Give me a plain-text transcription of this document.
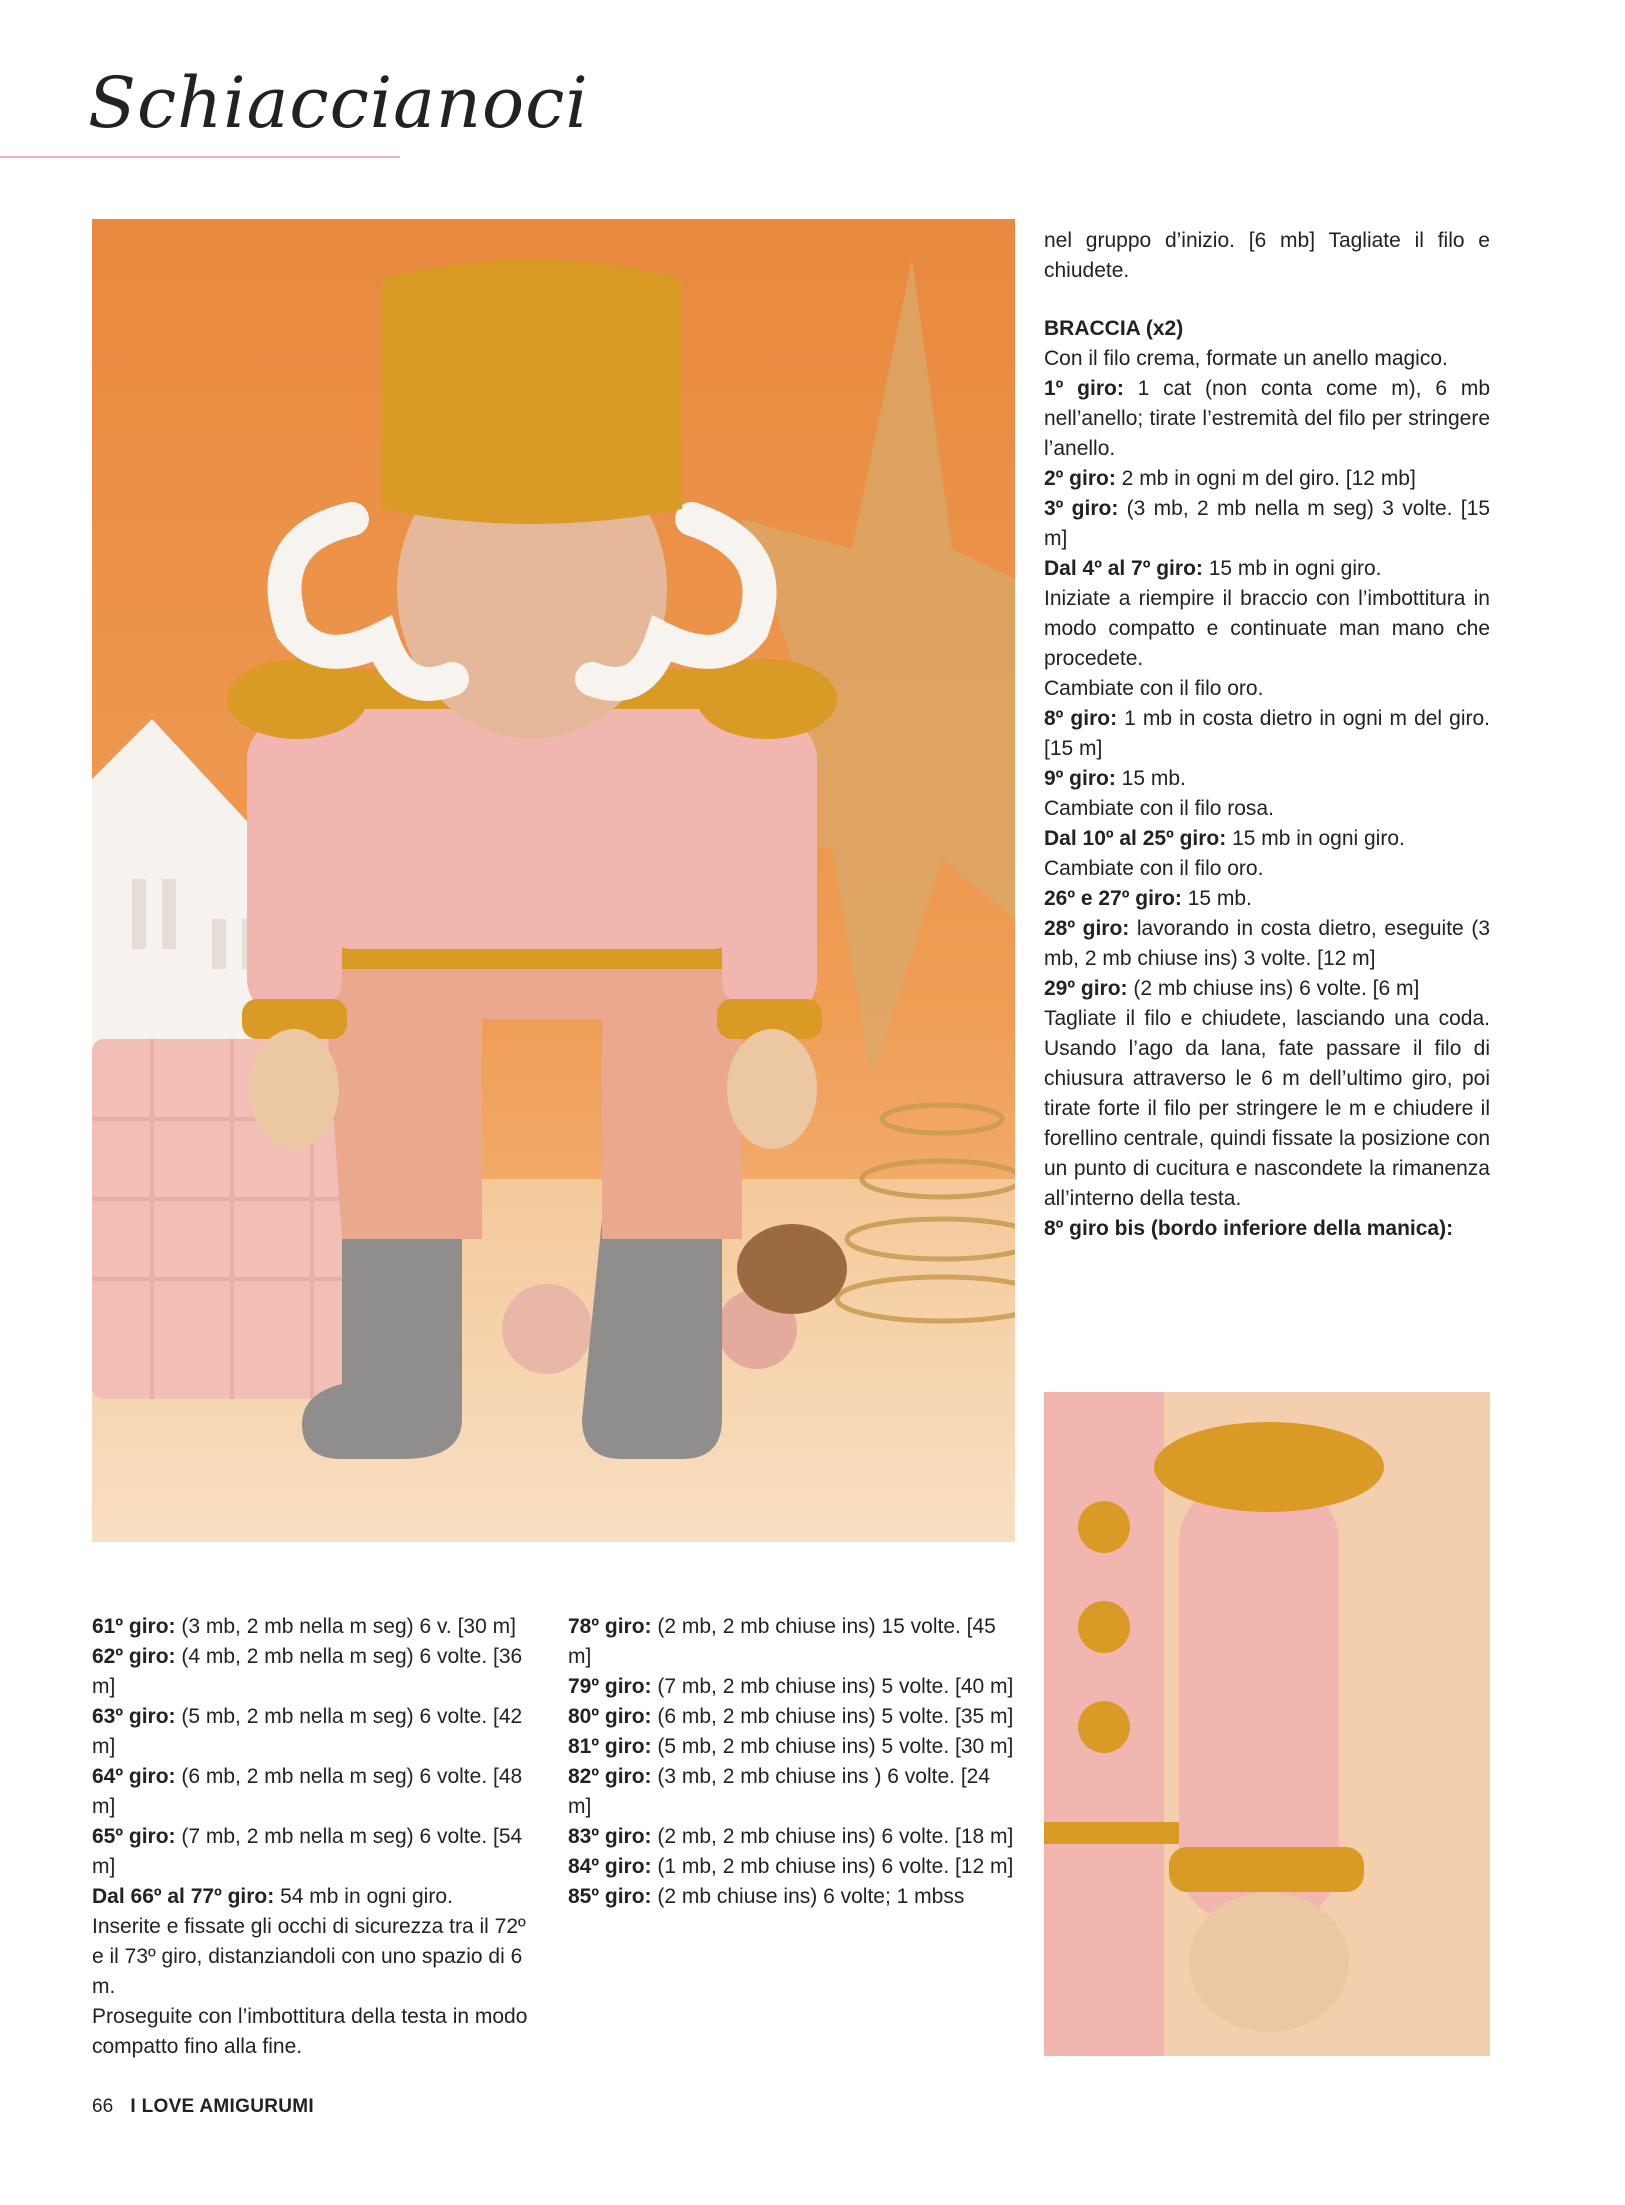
Schiaccianoci

nel gruppo d’inizio. [6 mb] Tagliate il filo e chiudete.

BRACCIA (x2)

Con il filo crema, formate un anello magico.

1º giro: 1 cat (non conta come m), 6 mb nell’anello; tirate l’estremità del filo per stringere l’anello.

2º giro: 2 mb in ogni m del giro. [12 mb]

3º giro: (3 mb, 2 mb nella m seg) 3 volte. [15 m]

Dal 4º al 7º giro: 15 mb in ogni giro.

Iniziate a riempire il braccio con l’imbottitura in modo compatto e continuate man mano che procedete.

Cambiate con il filo oro.

8º giro: 1 mb in costa dietro in ogni m del giro. [15 m]

9º giro: 15 mb.

Cambiate con il filo rosa.

Dal 10º al 25º giro: 15 mb in ogni giro.

Cambiate con il filo oro.

26º e 27º giro: 15 mb.

28º giro: lavorando in costa dietro, eseguite (3 mb, 2 mb chiuse ins) 3 volte. [12 m]

29º giro: (2 mb chiuse ins) 6 volte. [6 m]

Tagliate il filo e chiudete, lasciando una coda. Usando l’ago da lana, fate passare il filo di chiusura attraverso le 6 m dell’ultimo giro, poi tirate forte il filo per stringere le m e chiudere il forellino centrale, quindi fissate la posizione con un punto di cucitura e nascondete la rimanenza all’interno della testa.

8º giro bis (bordo inferiore della manica):

61º giro: (3 mb, 2 mb nella m seg) 6 v. [30 m]

62º giro: (4 mb, 2 mb nella m seg) 6 volte. [36 m]

63º giro: (5 mb, 2 mb nella m seg) 6 volte. [42 m]

64º giro: (6 mb, 2 mb nella m seg) 6 volte. [48 m]

65º giro: (7 mb, 2 mb nella m seg) 6 volte. [54 m]

Dal 66º al 77º giro: 54 mb in ogni giro.

Inserite e fissate gli occhi di sicurezza tra il 72º e il 73º giro, distanziandoli con uno spazio di 6 m.

Proseguite con l’imbottitura della testa in modo compatto fino alla fine.

78º giro: (2 mb, 2 mb chiuse ins) 15 volte. [45 m]

79º giro: (7 mb, 2 mb chiuse ins) 5 volte. [40 m]

80º giro: (6 mb, 2 mb chiuse ins) 5 volte. [35 m]

81º giro: (5 mb, 2 mb chiuse ins) 5 volte. [30 m]

82º giro: (3 mb, 2 mb chiuse ins ) 6 volte. [24 m]

83º giro: (2 mb, 2 mb chiuse ins) 6 volte. [18 m]

84º giro: (1 mb, 2 mb chiuse ins) 6 volte. [12 m]

85º giro: (2 mb chiuse ins) 6 volte; 1 mbss

66 I LOVE AMIGURUMI
